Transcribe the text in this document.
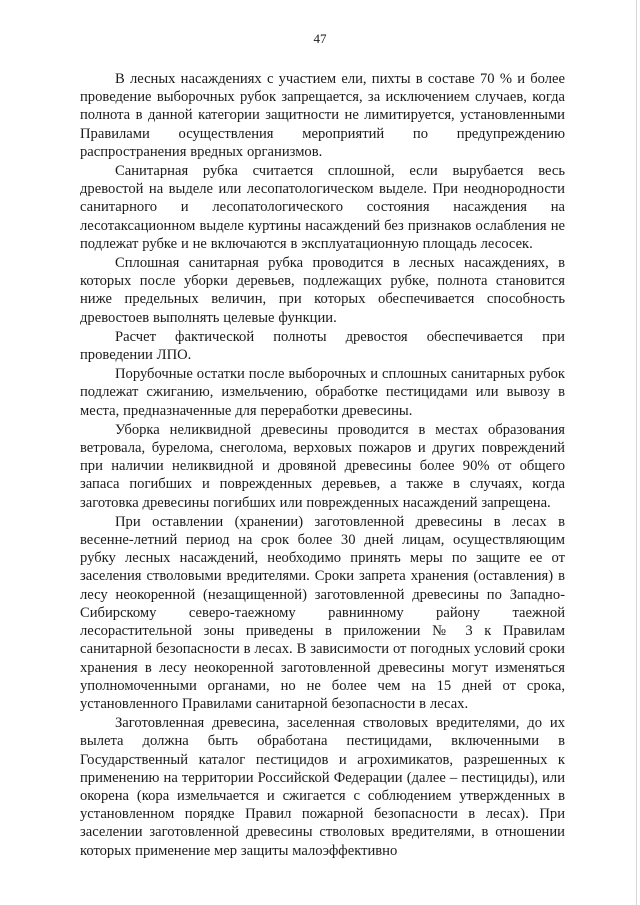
47

В лесных насаждениях с участием ели, пихты в составе 70 % и более проведение выборочных рубок запрещается, за исключением случаев, когда полнота в данной категории защитности не лимитируется, установленными Правилами осуществления мероприятий по предупреждению распространения вредных организмов.

Санитарная рубка считается сплошной, если вырубается весь древостой на выделе или лесопатологическом выделе. При неоднородности санитарного и лесопатологического состояния насаждения на лесотаксационном выделе куртины насаждений без признаков ослабления не подлежат рубке и не включаются в эксплуатационную площадь лесосек.

Сплошная санитарная рубка проводится в лесных насаждениях, в которых после уборки деревьев, подлежащих рубке, полнота становится ниже предельных величин, при которых обеспечивается способность древостоев выполнять целевые функции.

Расчет фактической полноты древостоя обеспечивается при проведении ЛПО.

Порубочные остатки после выборочных и сплошных санитарных рубок подлежат сжиганию, измельчению, обработке пестицидами или вывозу в места, предназначенные для переработки древесины.

Уборка неликвидной древесины проводится в местах образования ветровала, бурелома, снеголома, верховых пожаров и других повреждений при наличии неликвидной и дровяной древесины более 90% от общего запаса погибших и поврежденных деревьев, а также в случаях, когда заготовка древесины погибших или поврежденных насаждений запрещена.

При оставлении (хранении) заготовленной древесины в лесах в весенне-летний период на срок более 30 дней лицам, осуществляющим рубку лесных насаждений, необходимо принять меры по защите ее от заселения стволовыми вредителями. Сроки запрета хранения (оставления) в лесу неокоренной (незащищенной) заготовленной древесины по Западно-Сибирскому северо-таежному равнинному району таежной лесорастительной зоны приведены в приложении № 3 к Правилам санитарной безопасности в лесах. В зависимости от погодных условий сроки хранения в лесу неокоренной заготовленной древесины могут изменяться уполномоченными органами, но не более чем на 15 дней от срока, установленного Правилами санитарной безопасности в лесах.

Заготовленная древесина, заселенная стволовых вредителями, до их вылета должна быть обработана пестицидами, включенными в Государственный каталог пестицидов и агрохимикатов, разрешенных к применению на территории Российской Федерации (далее – пестициды), или окорена (кора измельчается и сжигается с соблюдением утвержденных в установленном порядке Правил пожарной безопасности в лесах). При заселении заготовленной древесины стволовых вредителями, в отношении которых применение мер защиты малоэффективно
